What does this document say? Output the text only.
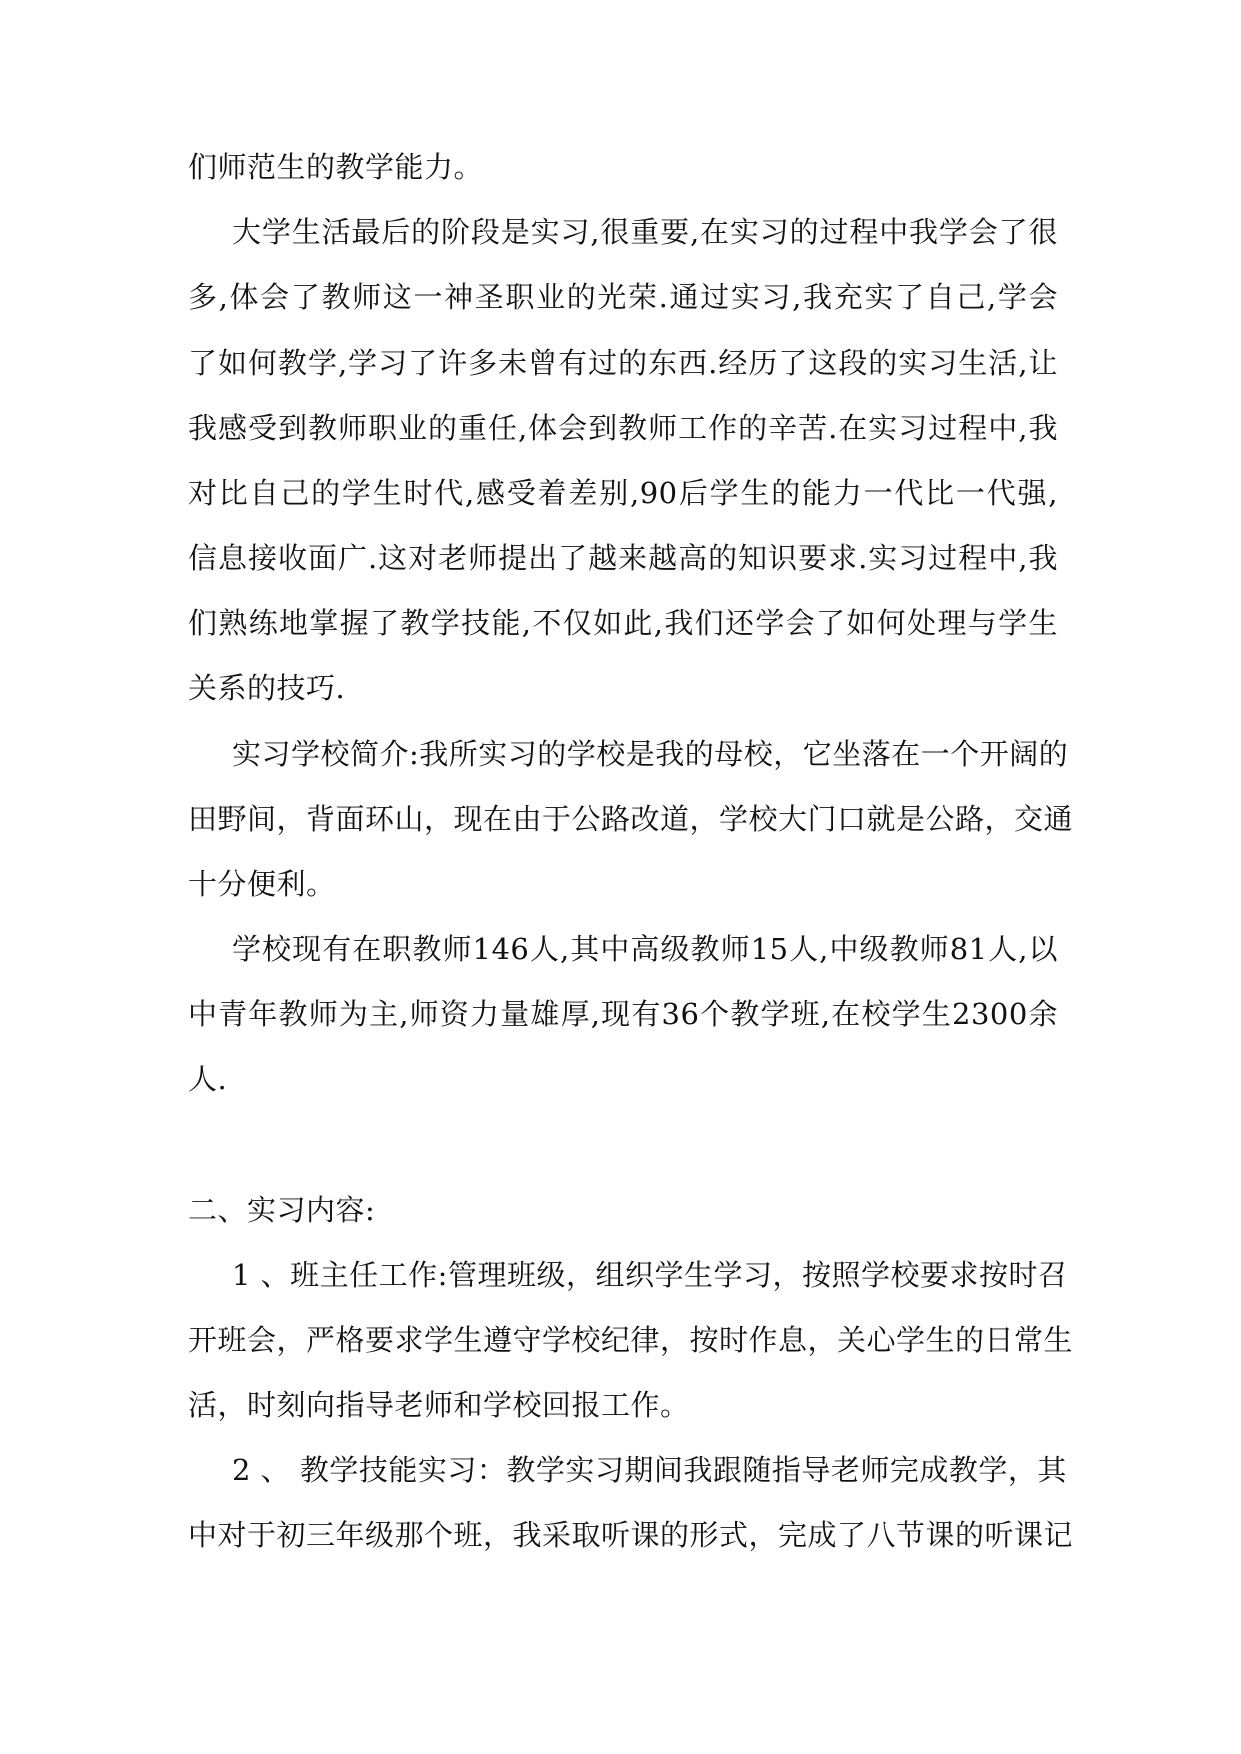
们师范生的教学能力。
大学生活最后的阶段是实习,很重要,在实习的过程中我学会了很
多,体会了教师这一神圣职业的光荣.通过实习,我充实了自己,学会
了如何教学,学习了许多未曾有过的东西.经历了这段的实习生活,让
我感受到教师职业的重任,体会到教师工作的辛苦.在实习过程中,我
对比自己的学生时代,感受着差别,90后学生的能力一代比一代强,
信息接收面广.这对老师提出了越来越高的知识要求.实习过程中,我
们熟练地掌握了教学技能,不仅如此,我们还学会了如何处理与学生
关系的技巧.
实习学校简介:我所实习的学校是我的母校，它坐落在一个开阔的
田野间，背面环山，现在由于公路改道，学校大门口就是公路，交通
十分便利。
学校现有在职教师146人,其中高级教师15人,中级教师81人,以
中青年教师为主,师资力量雄厚,现有36个教学班,在校学生2300余
人.
二、实习内容:
1 、班主任工作:管理班级，组织学生学习，按照学校要求按时召
开班会，严格要求学生遵守学校纪律，按时作息，关心学生的日常生
活，时刻向指导老师和学校回报工作。
2 、 教学技能实习：教学实习期间我跟随指导老师完成教学，其
中对于初三年级那个班，我采取听课的形式，完成了八节课的听课记
